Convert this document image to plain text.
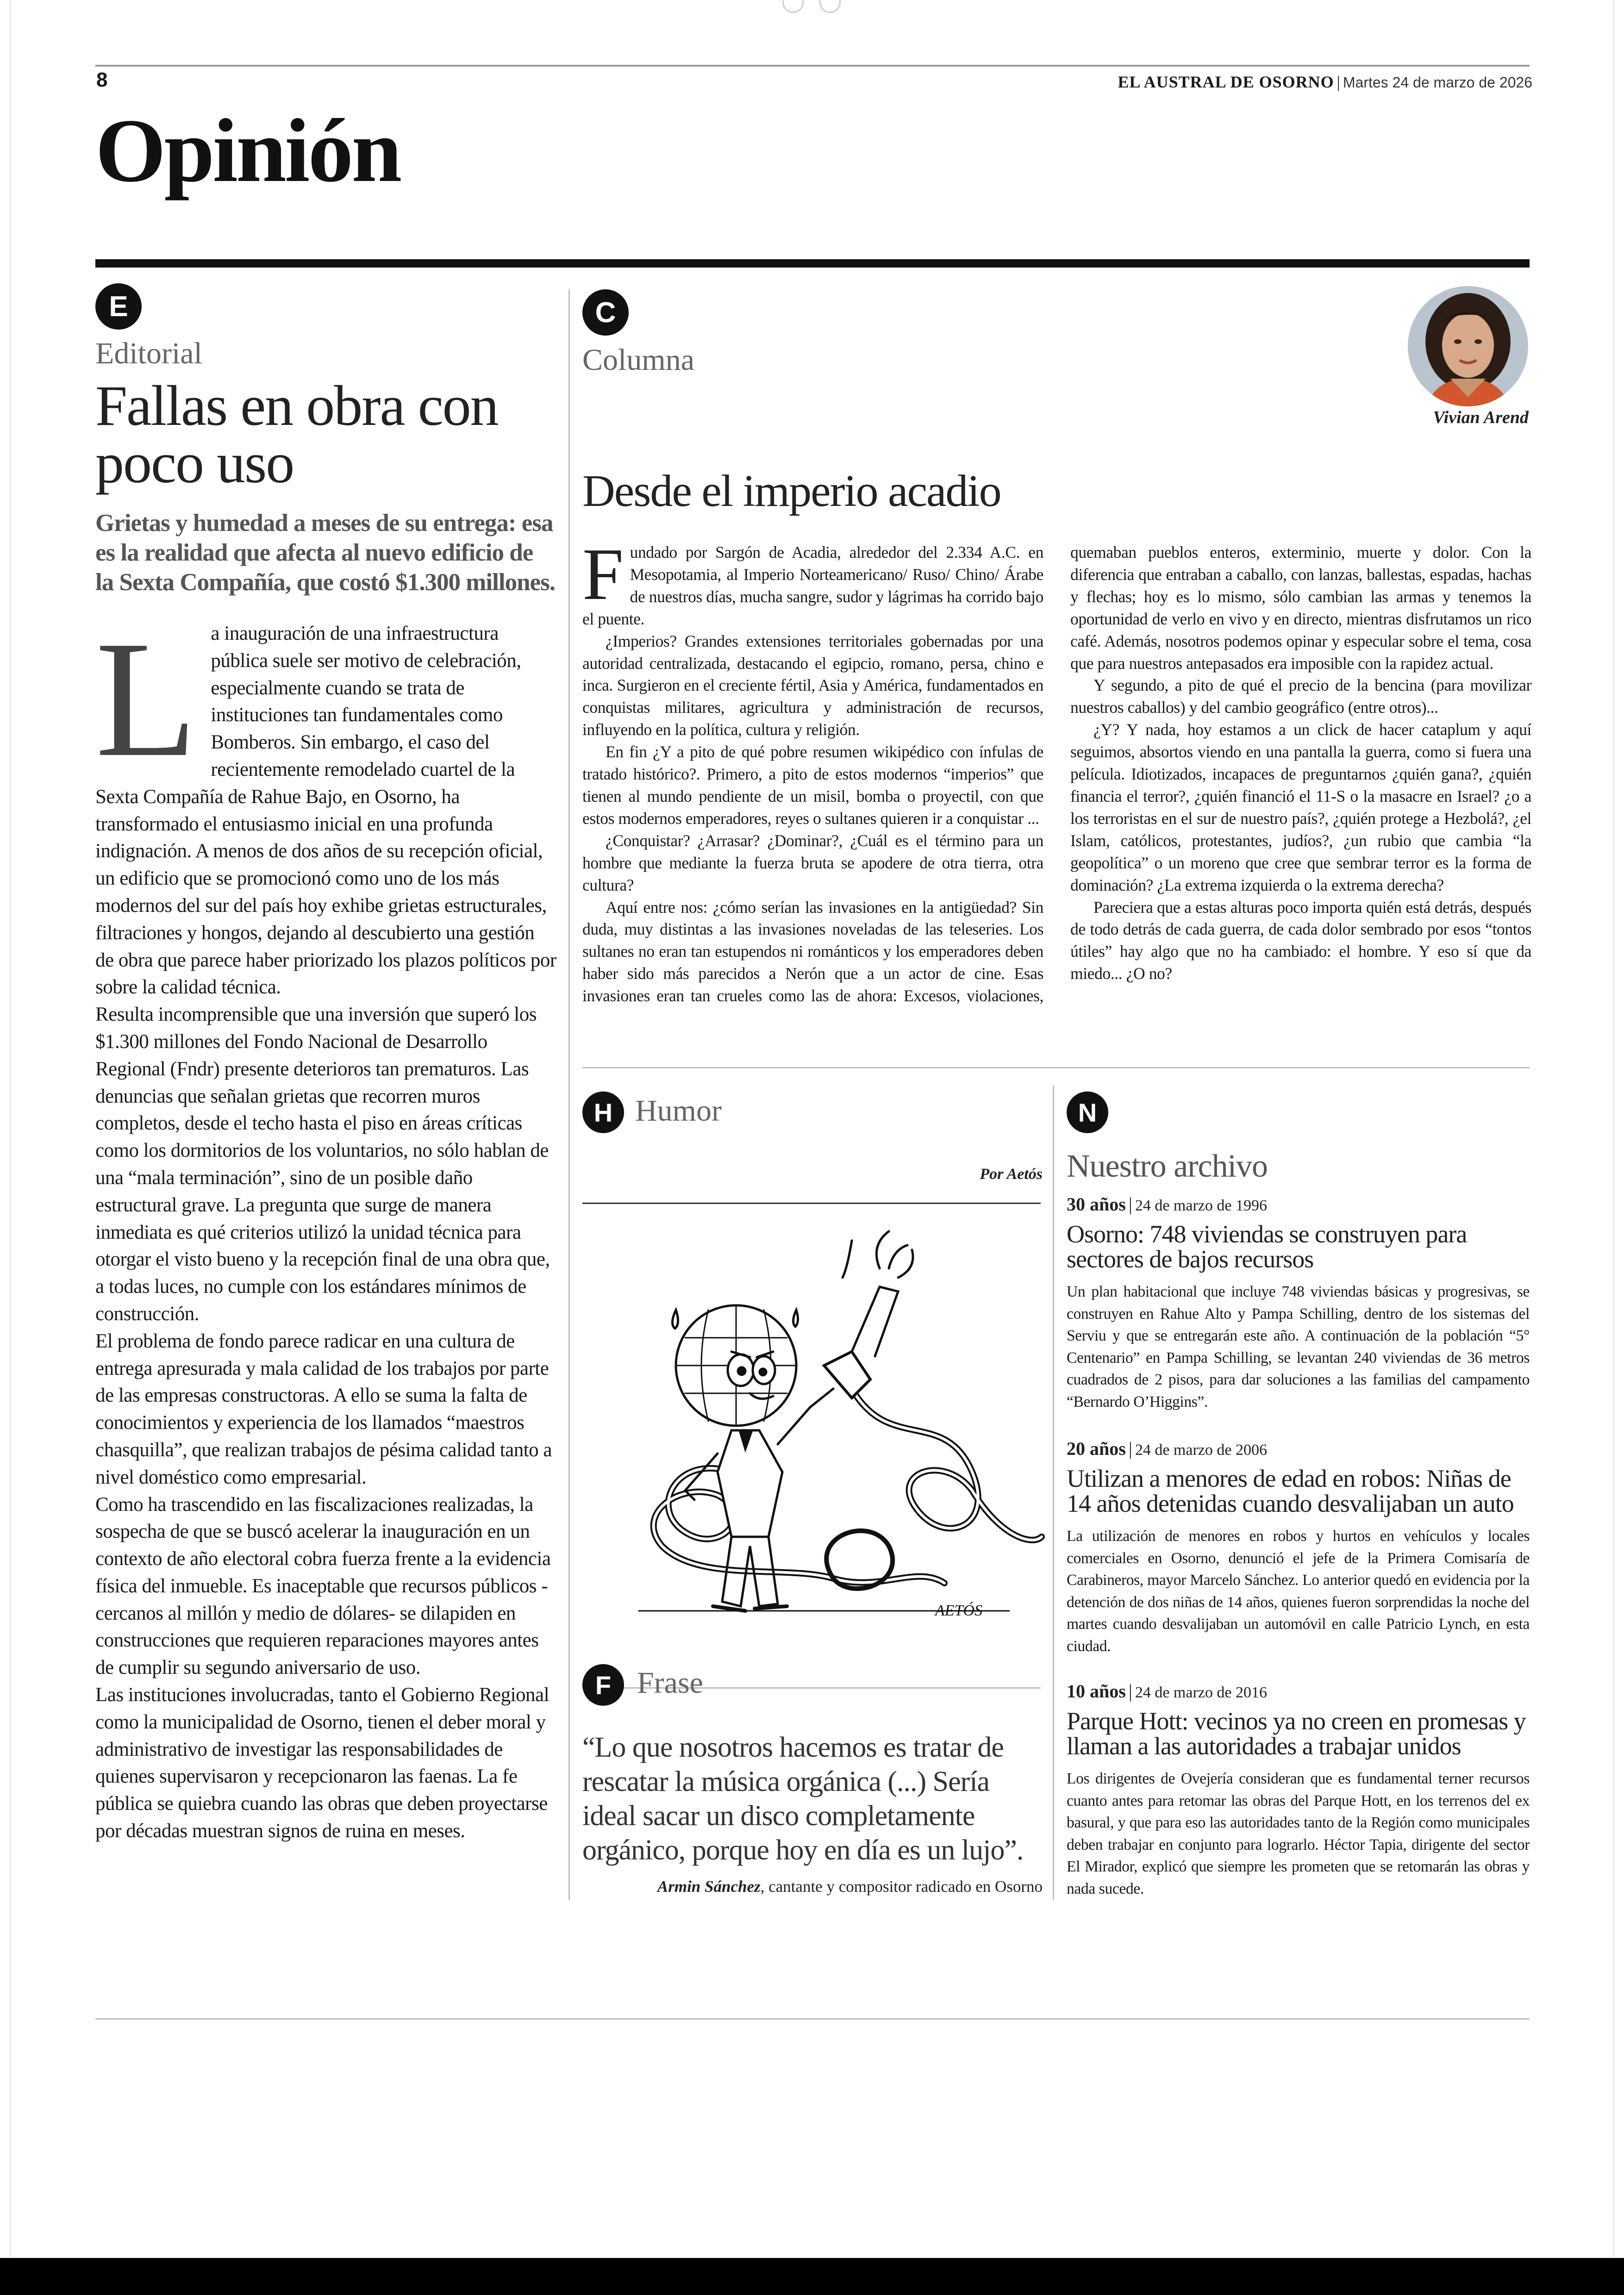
8	EL AUSTRAL DE OSORNO | Martes 24 de marzo de 2026
Opinión
E
Editorial
Fallas en obra con poco uso
Grietas y humedad a meses de su entrega: esa es la realidad que afecta al nuevo edificio de la Sexta Compañía, que costó $1.300 millones.

La inauguración de una infraestructura pública suele ser motivo de celebración, especialmente cuando se trata de instituciones tan fundamentales como Bomberos. Sin embargo, el caso del recientemente remodelado cuartel de la Sexta Compañía de Rahue Bajo, en Osorno, ha transformado el entusiasmo inicial en una profunda indignación. A menos de dos años de su recepción oficial, un edificio que se promocionó como uno de los más modernos del sur del país hoy exhibe grietas estructurales, filtraciones y hongos, dejando al descubierto una gestión de obra que parece haber priorizado los plazos políticos por sobre la calidad técnica.

Resulta incomprensible que una inversión que superó los $1.300 millones del Fondo Nacional de Desarrollo Regional (Fndr) presente deterioros tan prematuros. Las denuncias que señalan grietas que recorren muros completos, desde el techo hasta el piso en áreas críticas como los dormitorios de los voluntarios, no sólo hablan de una “mala terminación”, sino de un posible daño estructural grave. La pregunta que surge de manera inmediata es qué criterios utilizó la unidad técnica para otorgar el visto bueno y la recepción final de una obra que, a todas luces, no cumple con los estándares mínimos de construcción.

El problema de fondo parece radicar en una cultura de entrega apresurada y mala calidad de los trabajos por parte de las empresas constructoras. A ello se suma la falta de conocimientos y experiencia de los llamados “maestros chasquilla”, que realizan trabajos de pésima calidad tanto a nivel doméstico como empresarial.

Como ha trascendido en las fiscalizaciones realizadas, la sospecha de que se buscó acelerar la inauguración en un contexto de año electoral cobra fuerza frente a la evidencia física del inmueble. Es inaceptable que recursos públicos -cercanos al millón y medio de dólares- se dilapiden en construcciones que requieren reparaciones mayores antes de cumplir su segundo aniversario de uso.

Las instituciones involucradas, tanto el Gobierno Regional como la municipalidad de Osorno, tienen el deber moral y administrativo de investigar las responsabilidades de quienes supervisaron y recepcionaron las faenas. La fe pública se quiebra cuando las obras que deben proyectarse por décadas muestran signos de ruina en meses.

C
Columna
Vivian Arend
Desde el imperio acadio

Fundado por Sargón de Acadia, alrededor del 2.334 A.C. en Mesopotamia, al Imperio Norteamericano/ Ruso/ Chino/ Árabe de nuestros días, mucha sangre, sudor y lágrimas ha corrido bajo el puente.

¿Imperios? Grandes extensiones territoriales gobernadas por una autoridad centralizada, destacando el egipcio, romano, persa, chino e inca. Surgieron en el creciente fértil, Asia y América, fundamentados en conquistas militares, agricultura y administración de recursos, influyendo en la política, cultura y religión.

En fin ¿Y a pito de qué pobre resumen wikipédico con ínfulas de tratado histórico?. Primero, a pito de estos modernos “imperios” que tienen al mundo pendiente de un misil, bomba o proyectil, con que estos modernos emperadores, reyes o sultanes quieren ir a conquistar ...

¿Conquistar? ¿Arrasar? ¿Dominar?, ¿Cuál es el término para un hombre que mediante la fuerza bruta se apodere de otra tierra, otra cultura?

Aquí entre nos: ¿cómo serían las invasiones en la antigüedad? Sin duda, muy distintas a las invasiones noveladas de las teleseries. Los sultanes no eran tan estupendos ni románticos y los emperadores deben haber sido más parecidos a Nerón que a un actor de cine. Esas invasiones eran tan crueles como las de ahora: Excesos, violaciones, quemaban pueblos enteros, exterminio, muerte y dolor. Con la diferencia que entraban a caballo, con lanzas, ballestas, espadas, hachas y flechas; hoy es lo mismo, sólo cambian las armas y tenemos la oportunidad de verlo en vivo y en directo, mientras disfrutamos un rico café. Además, nosotros podemos opinar y especular sobre el tema, cosa que para nuestros antepasados era imposible con la rapidez actual.

Y segundo, a pito de qué el precio de la bencina (para movilizar nuestros caballos) y del cambio geográfico (entre otros)...

¿Y? Y nada, hoy estamos a un click de hacer cataplum y aquí seguimos, absortos viendo en una pantalla la guerra, como si fuera una película. Idiotizados, incapaces de preguntarnos ¿quién gana?, ¿quién financia el terror?, ¿quién financió el 11-S o la masacre en Israel? ¿o a los terroristas en el sur de nuestro país?, ¿quién protege a Hezbolá?, ¿el Islam, católicos, protestantes, judíos?, ¿un rubio que cambia “la geopolítica” o un moreno que cree que sembrar terror es la forma de dominación? ¿La extrema izquierda o la extrema derecha?

Pareciera que a estas alturas poco importa quién está detrás, después de todo detrás de cada guerra, de cada dolor sembrado por esos “tontos útiles” hay algo que no ha cambiado: el hombre. Y eso sí que da miedo... ¿O no?

H Humor
Por Aetós
AETÓS
F Frase
“Lo que nosotros hacemos es tratar de rescatar la música orgánica (...) Sería ideal sacar un disco completamente orgánico, porque hoy en día es un lujo”.
Armin Sánchez, cantante y compositor radicado en Osorno
N
Nuestro archivo
30 años | 24 de marzo de 1996
Osorno: 748 viviendas se construyen para sectores de bajos recursos
Un plan habitacional que incluye 748 viviendas básicas y progresivas, se construyen en Rahue Alto y Pampa Schilling, dentro de los sistemas del Serviu y que se entregarán este año. A continuación de la población “5° Centenario” en Pampa Schilling, se levantan 240 viviendas de 36 metros cuadrados de 2 pisos, para dar soluciones a las familias del campamento “Bernardo O’Higgins”.
20 años | 24 de marzo de 2006
Utilizan a menores de edad en robos: Niñas de 14 años detenidas cuando desvalijaban un auto
La utilización de menores en robos y hurtos en vehículos y locales comerciales en Osorno, denunció el jefe de la Primera Comisaría de Carabineros, mayor Marcelo Sánchez. Lo anterior quedó en evidencia por la detención de dos niñas de 14 años, quienes fueron sorprendidas la noche del martes cuando desvalijaban un automóvil en calle Patricio Lynch, en esta ciudad.
10 años | 24 de marzo de 2016
Parque Hott: vecinos ya no creen en promesas y llaman a las autoridades a trabajar unidos
Los dirigentes de Ovejería consideran que es fundamental terner recursos cuanto antes para retomar las obras del Parque Hott, en los terrenos del ex basural, y que para eso las autoridades tanto de la Región como municipales deben trabajar en conjunto para lograrlo. Héctor Tapia, dirigente del sector El Mirador, explicó que siempre les prometen que se retomarán las obras y nada sucede.
